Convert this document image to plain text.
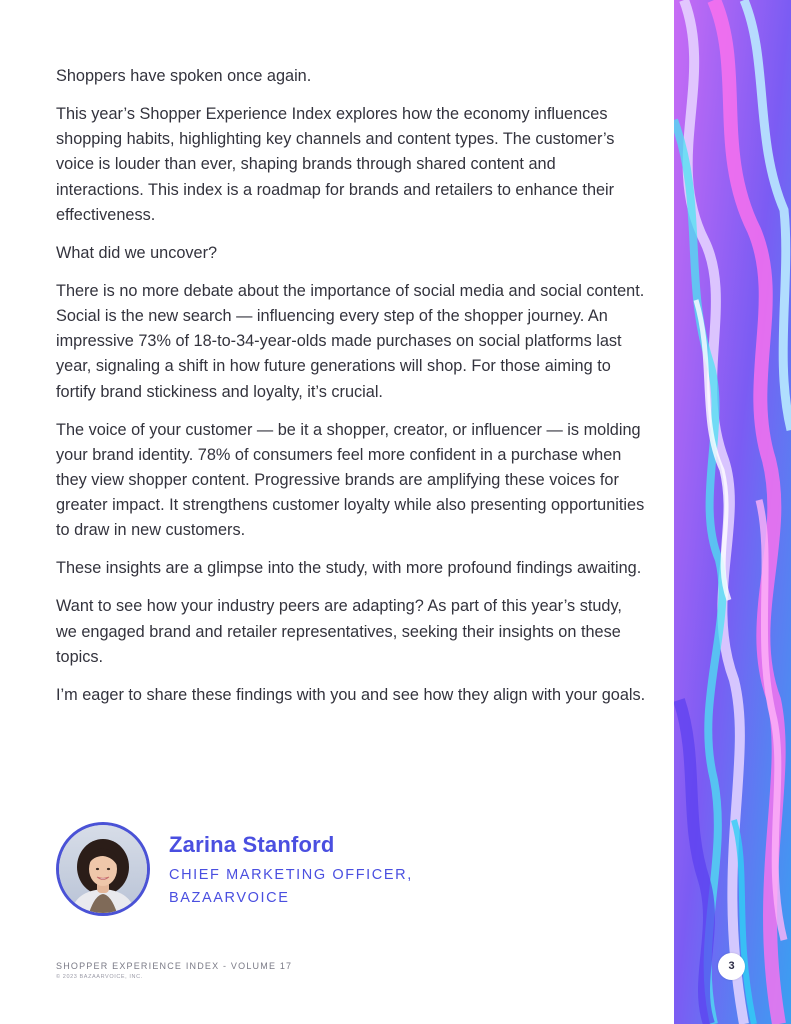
Shoppers have spoken once again.

This year’s Shopper Experience Index explores how the economy influences shopping habits, highlighting key channels and content types. The customer’s voice is louder than ever, shaping brands through shared content and interactions. This index is a roadmap for brands and retailers to enhance their effectiveness.

What did we uncover?

There is no more debate about the importance of social media and social content. Social is the new search — influencing every step of the shopper journey. An impressive 73% of 18-to-34-year-olds made purchases on social platforms last year, signaling a shift in how future generations will shop. For those aiming to fortify brand stickiness and loyalty, it’s crucial.

The voice of your customer — be it a shopper, creator, or influencer — is molding your brand identity. 78% of consumers feel more confident in a purchase when they view shopper content. Progressive brands are amplifying these voices for greater impact. It strengthens customer loyalty while also presenting opportunities to draw in new customers.

These insights are a glimpse into the study, with more profound findings awaiting.

Want to see how your industry peers are adapting? As part of this year’s study, we engaged brand and retailer representatives, seeking their insights on these topics.

I’m eager to share these findings with you and see how they align with your goals.

Zarina Stanford
CHIEF MARKETING OFFICER,
BAZAARVOICE
SHOPPER EXPERIENCE INDEX - VOLUME 17
© 2023 BAZAARVOICE, INC.
3
